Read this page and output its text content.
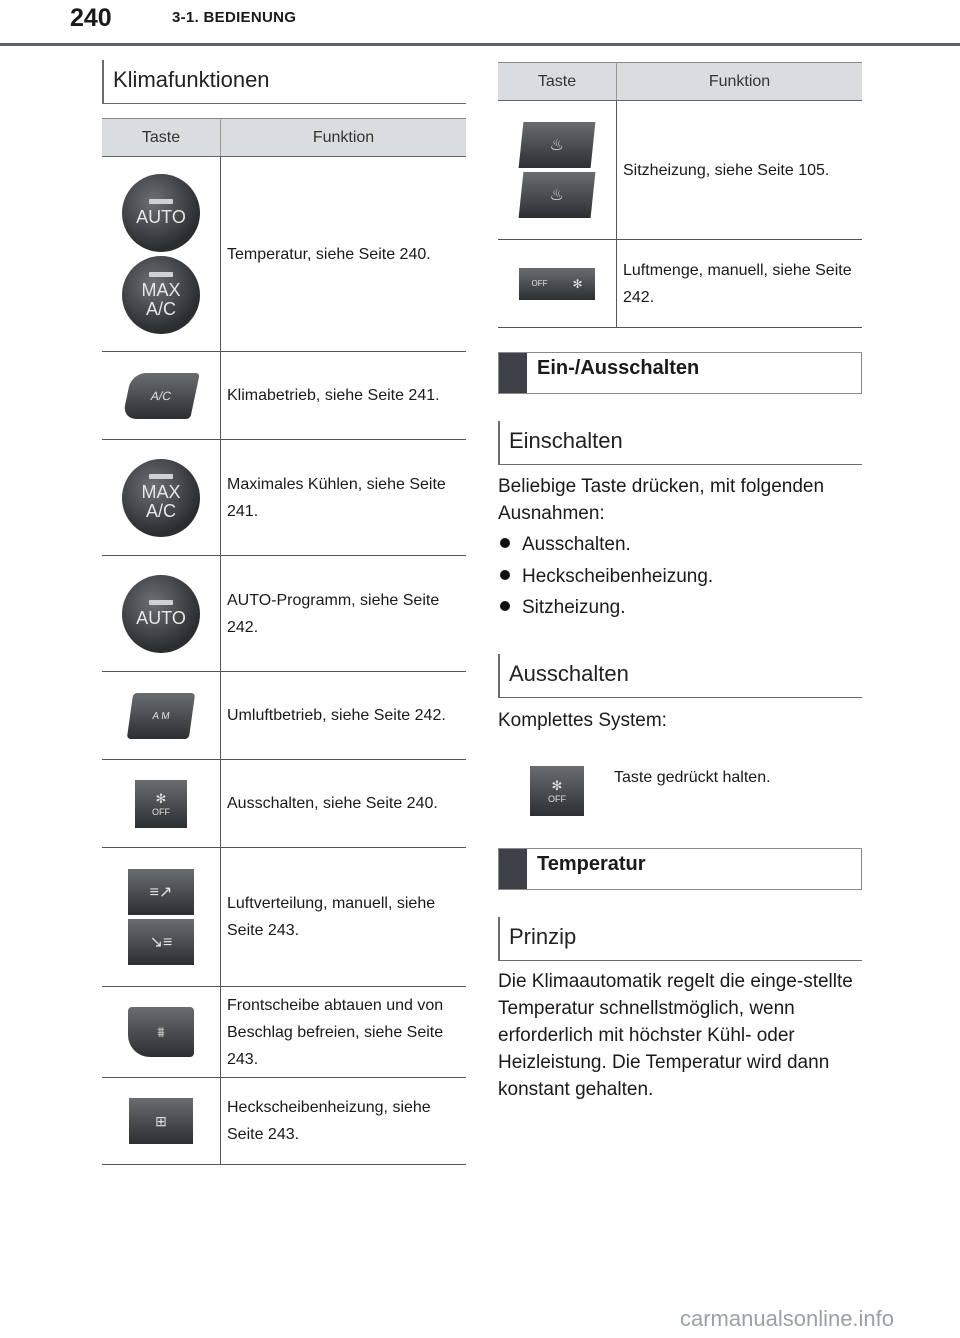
240	3-1. BEDIENUNG
Klimafunktionen
Taste	Funktion

AUTO
MAX
A/C	Temperatur, siehe Seite 240.

A/C	Klimabetrieb, siehe Seite 241.

MAX
A/C	Maximales Kühlen, siehe Seite 241.

AUTO	AUTO-Programm, siehe Seite 242.

A M	Umluftbetrieb, siehe Seite 242.

✻
OFF	Ausschalten, siehe Seite 240.
≡↗
↘≡	Luftverteilung, manuell, siehe Seite 243.
⩩	Frontscheibe abtauen und von Beschlag befreien, siehe Seite 243.
⊞	Heckscheibenheizung, siehe Seite 243.
Taste	Funktion
♨
♨	Sitzheizung, siehe Seite 105.

OFF ✻	Luftmenge, manuell, siehe Seite 242.
Ein-/Ausschalten
Einschalten
Beliebige Taste drücken, mit folgenden Ausnahmen:
Ausschalten.
Heckscheibenheizung.
Sitzheizung.
Ausschalten
Komplettes System:
✻
OFF
Taste gedrückt halten.
Temperatur
Prinzip
Die Klimaautomatik regelt die einge-stellte Temperatur schnellstmöglich, wenn erforderlich mit höchster Kühl- oder Heizleistung. Die Temperatur wird dann konstant gehalten.
carmanualsonline.info
